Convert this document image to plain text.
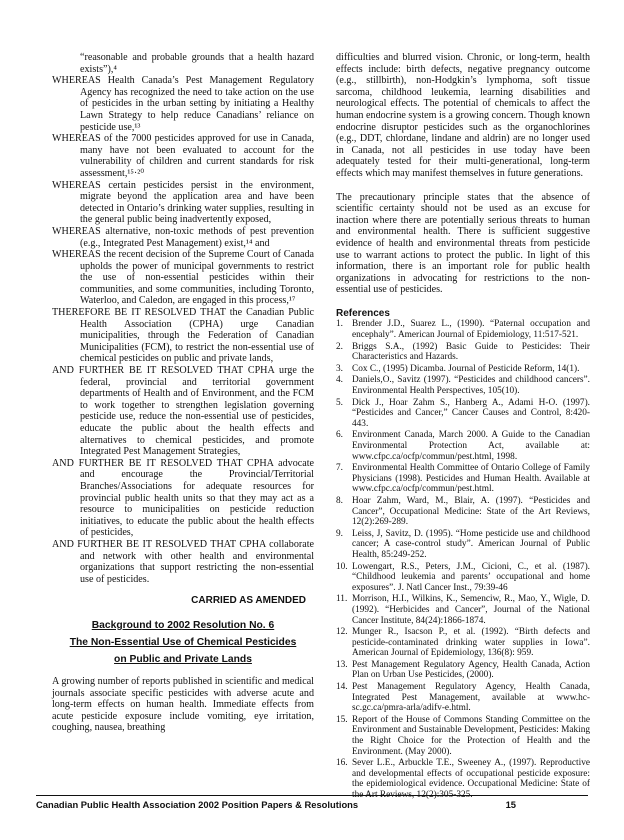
“reasonable and probable grounds that a health hazard exists”),⁴

WHEREAS Health Canada’s Pest Management Regulatory Agency has recognized the need to take action on the use of pesticides in the urban setting by initiating a Healthy Lawn Strategy to help reduce Canadians’ reliance on pesticide use,¹³

WHEREAS of the 7000 pesticides approved for use in Canada, many have not been evaluated to account for the vulnerability of children and current standards for risk assessment,¹⁵·²⁰

WHEREAS certain pesticides persist in the environment, migrate beyond the application area and have been detected in Ontario’s drinking water supplies, resulting in the general public being inadvertently exposed,

WHEREAS alternative, non-toxic methods of pest prevention (e.g., Integrated Pest Management) exist,¹⁴ and

WHEREAS the recent decision of the Supreme Court of Canada upholds the power of municipal governments to restrict the use of non-essential pesticides within their communities, and some communities, including Toronto, Waterloo, and Caledon, are engaged in this process,¹⁷

THEREFORE BE IT RESOLVED THAT the Canadian Public Health Association (CPHA) urge Canadian municipalities, through the Federation of Canadian Municipalities (FCM), to restrict the non-essential use of chemical pesticides on public and private lands,

AND FURTHER BE IT RESOLVED THAT CPHA urge the federal, provincial and territorial government departments of Health and of Environment, and the FCM to work together to strengthen legislation governing pesticide use, reduce the non-essential use of pesticides, educate the public about the health effects and alternatives to chemical pesticides, and promote Integrated Pest Management Strategies,

AND FURTHER BE IT RESOLVED THAT CPHA advocate and encourage the Provincial/Territorial Branches/Associations for adequate resources for provincial public health units so that they may act as a resource to municipalities on pesticide reduction initiatives, to educate the public about the health effects of pesticides,

AND FURTHER BE IT RESOLVED THAT CPHA collaborate and network with other health and environmental organizations that support restricting the non-essential use of pesticides.

CARRIED AS AMENDED

Background to 2002 Resolution No. 6
The Non-Essential Use of Chemical Pesticides
on Public and Private Lands

A growing number of reports published in scientific and medical journals associate specific pesticides with adverse acute and long-term effects on human health. Immediate effects from acute pesticide exposure include vomiting, eye irritation, coughing, nausea, breathing

difficulties and blurred vision. Chronic, or long-term, health effects include: birth defects, negative pregnancy outcome (e.g., stillbirth), non-Hodgkin’s lymphoma, soft tissue sarcoma, childhood leukemia, learning disabilities and neurological effects. The potential of chemicals to affect the human endocrine system is a growing concern. Though known endocrine disruptor pesticides such as the organochlorines (e.g., DDT, chlordane, lindane and aldrin) are no longer used in Canada, not all pesticides in use today have been adequately tested for their multi-generational, long-term effects which may manifest themselves in future generations.

The precautionary principle states that the absence of scientific certainty should not be used as an excuse for inaction where there are potentially serious threats to human and environmental health. There is sufficient suggestive evidence of health and environmental threats from pesticide use to warrant actions to protect the public. In light of this information, there is an important role for public health organizations in advocating for restrictions to the non-essential use of pesticides.

References

1. Brender J.D., Suarez L., (1990). “Paternal occupation and encephaly”. American Journal of Epidemiology, 11:517-521.
2. Briggs S.A., (1992) Basic Guide to Pesticides: Their Characteristics and Hazards.
3. Cox C., (1995) Dicamba. Journal of Pesticide Reform, 14(1).
4. Daniels,O., Savitz (1997). “Pesticides and childhood cancers”. Environmental Health Perspectives, 105(10).
5. Dick J., Hoar Zahm S., Hanberg A., Adami H-O. (1997). “Pesticides and Cancer,” Cancer Causes and Control, 8:420-443.
6. Environment Canada, March 2000. A Guide to the Canadian Environmental Protection Act, available at: www.cfpc.ca/ocfp/commun/pest.html, 1998.
7. Environmental Health Committee of Ontario College of Family Physicians (1998). Pesticides and Human Health. Available at www.cfpc.ca/ocfp/commun/pest.html.
8. Hoar Zahm, Ward, M., Blair, A. (1997). “Pesticides and Cancer”, Occupational Medicine: State of the Art Reviews, 12(2):269-289.
9. Leiss, J, Savitz, D. (1995). “Home pesticide use and childhood cancer; A case-control study”. American Journal of Public Health, 85:249-252.
10. Lowengart, R.S., Peters, J.M., Cicioni, C., et al. (1987). “Childhood leukemia and parents’ occupational and home exposures”. J. Natl Cancer Inst., 79:39-46
11. Morrison, H.I., Wilkins, K., Semenciw, R., Mao, Y., Wigle, D. (1992). “Herbicides and Cancer”, Journal of the National Cancer Institute, 84(24):1866-1874.
12. Munger R., Isacson P., et al. (1992). “Birth defects and pesticide-contaminated drinking water supplies in Iowa”. American Journal of Epidemiology, 136(8): 959.
13. Pest Management Regulatory Agency, Health Canada, Action Plan on Urban Use Pesticides, (2000).
14. Pest Management Regulatory Agency, Health Canada, Integrated Pest Management, available at www.hc-sc.gc.ca/pmra-arla/adifv-e.html.
15. Report of the House of Commons Standing Committee on the Environment and Sustainable Development, Pesticides: Making the Right Choice for the Protection of Health and the Environment. (May 2000).
16. Sever L.E., Arbuckle T.E., Sweeney A., (1997). Reproductive and developmental effects of occupational pesticide exposure: the epidemiological evidence. Occupational Medicine: State of the Art Reviews, 12(2):305-325.
Canadian Public Health Association 2002 Position Papers & Resolutions	15
